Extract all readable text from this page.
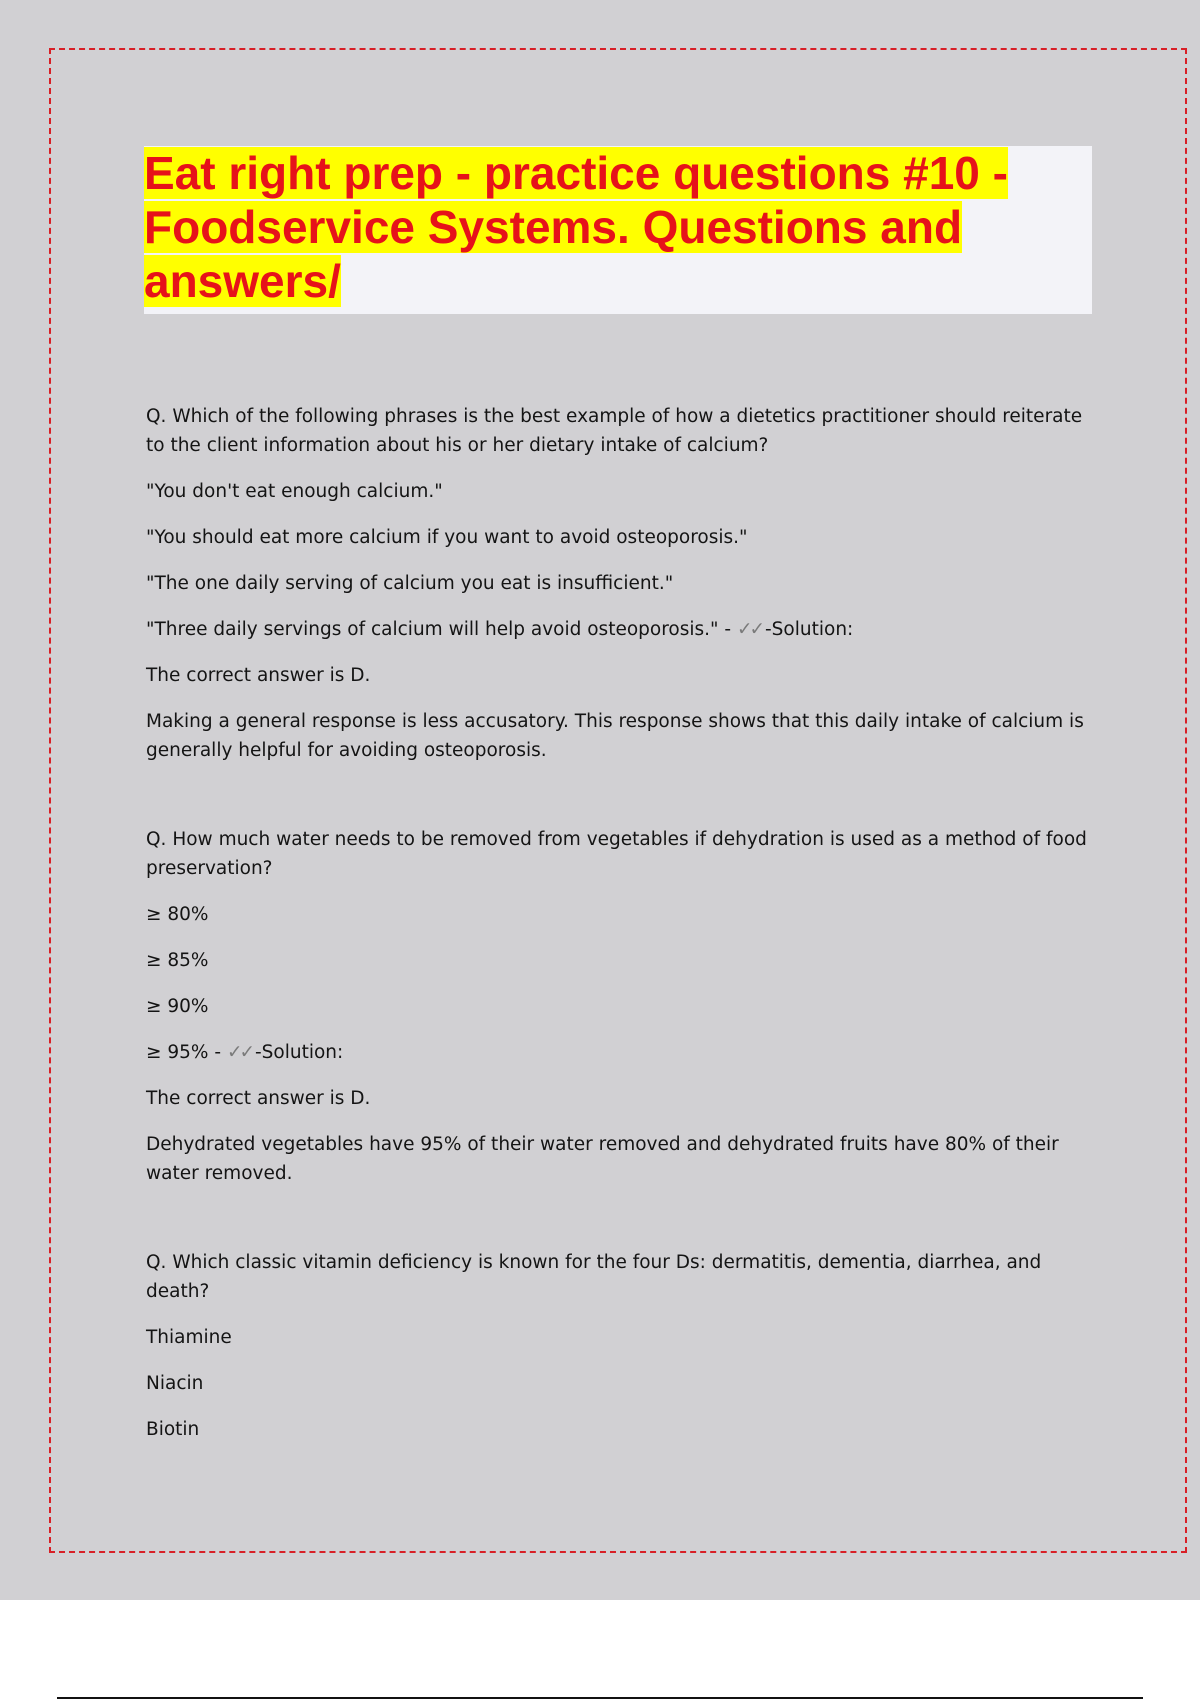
Eat right prep - practice questions #10 - Foodservice Systems. Questions and answers/

Q. Which of the following phrases is the best example of how a dietetics practitioner should reiterate to the client information about his or her dietary intake of calcium?

"You don't eat enough calcium."

"You should eat more calcium if you want to avoid osteoporosis."

"The one daily serving of calcium you eat is insufficient."

"Three daily servings of calcium will help avoid osteoporosis." - ✓✓ -Solution:

The correct answer is D.

Making a general response is less accusatory. This response shows that this daily intake of calcium is generally helpful for avoiding osteoporosis.

Q. How much water needs to be removed from vegetables if dehydration is used as a method of food preservation?

≥ 80%

≥ 85%

≥ 90%

≥ 95% - ✓✓ -Solution:

The correct answer is D.

Dehydrated vegetables have 95% of their water removed and dehydrated fruits have 80% of their water removed.

Q. Which classic vitamin deficiency is known for the four Ds: dermatitis, dementia, diarrhea, and death?

Thiamine

Niacin

Biotin
